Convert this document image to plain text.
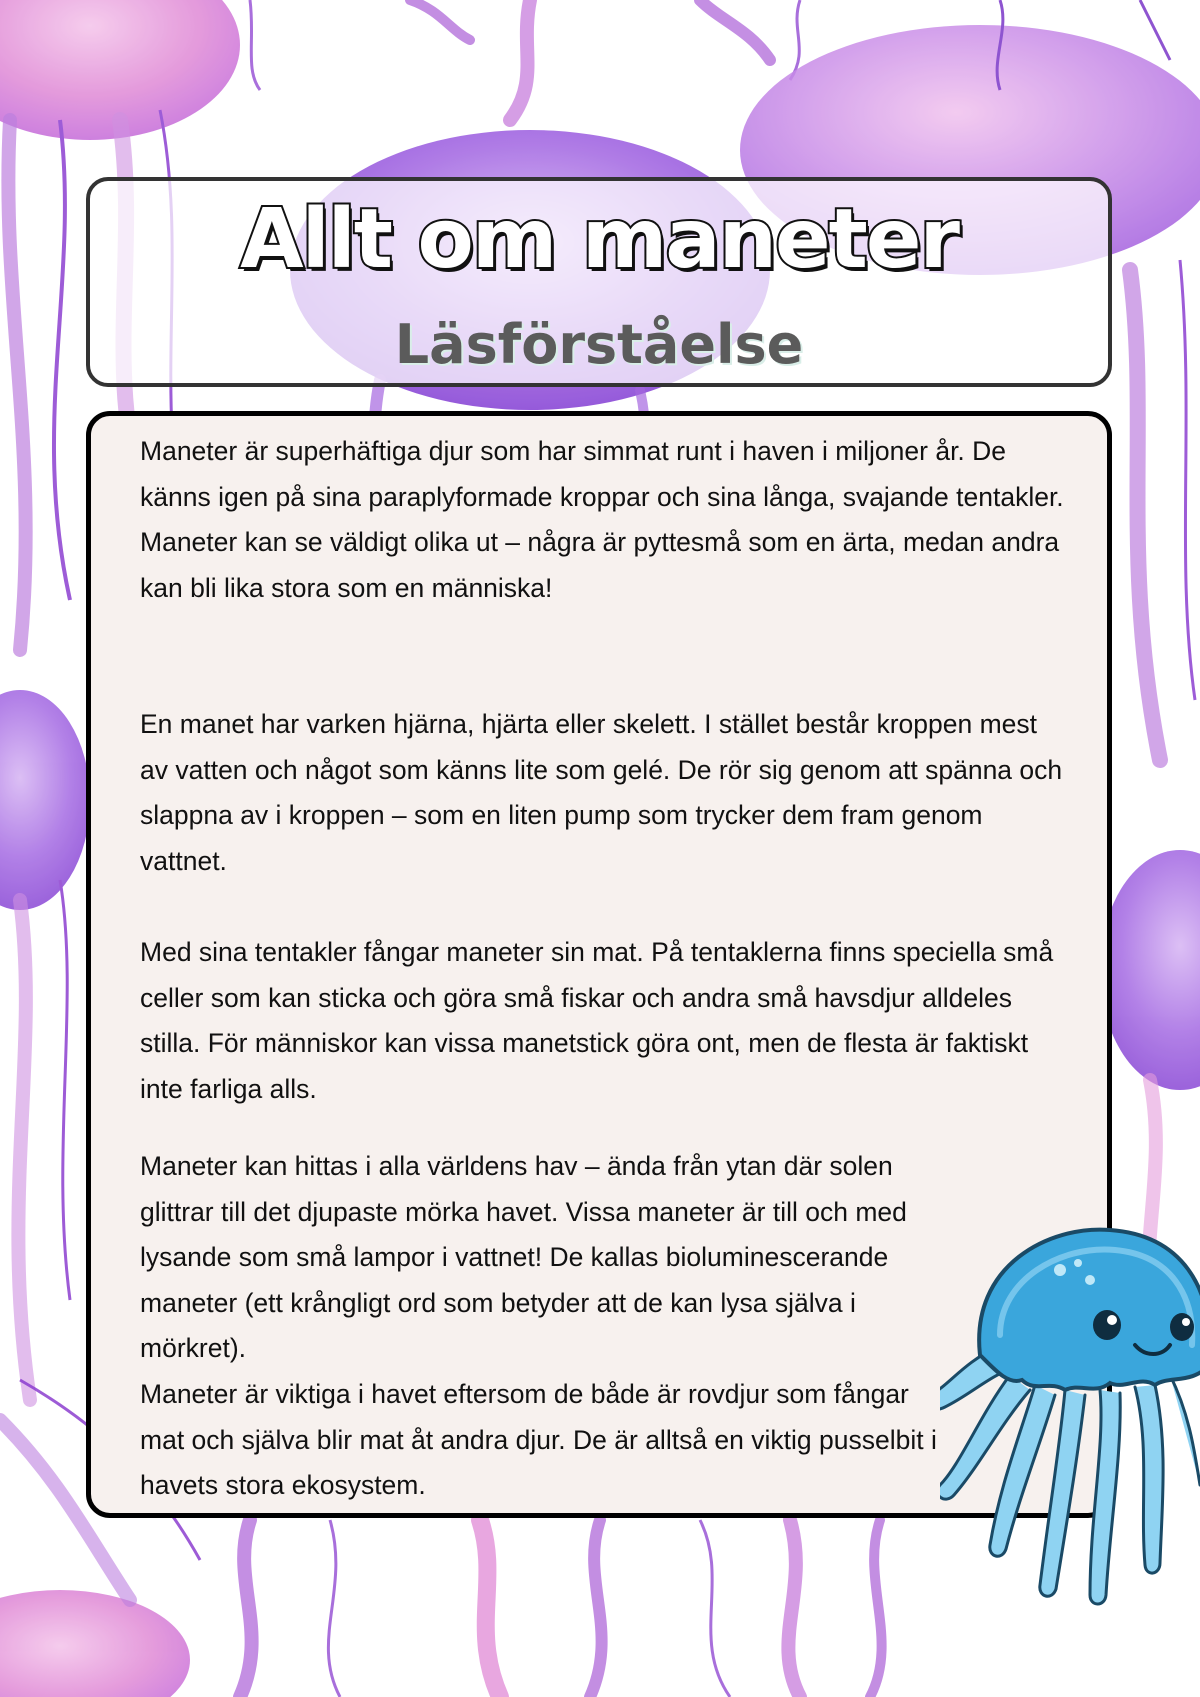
Allt om maneter
Läsförståelse

Maneter är superhäftiga djur som har simmat runt i haven i miljoner år. De känns igen på sina paraplyformade kroppar och sina långa, svajande tentakler. Maneter kan se väldigt olika ut – några är pyttesmå som en ärta, medan andra kan bli lika stora som en människa!

En manet har varken hjärna, hjärta eller skelett. I stället består kroppen mest av vatten och något som känns lite som gelé. De rör sig genom att spänna och slappna av i kroppen – som en liten pump som trycker dem fram genom vattnet.

Med sina tentakler fångar maneter sin mat. På tentaklerna finns speciella små celler som kan sticka och göra små fiskar och andra små havsdjur alldeles stilla. För människor kan vissa manetstick göra ont, men de flesta är faktiskt inte farliga alls.

Maneter kan hittas i alla världens hav – ända från ytan där solen glittrar till det djupaste mörka havet. Vissa maneter är till och med lysande som små lampor i vattnet! De kallas bioluminescerande maneter (ett krångligt ord som betyder att de kan lysa själva i mörkret).

Maneter är viktiga i havet eftersom de både är rovdjur som fångar mat och själva blir mat åt andra djur. De är alltså en viktig pusselbit i havets stora ekosystem.
